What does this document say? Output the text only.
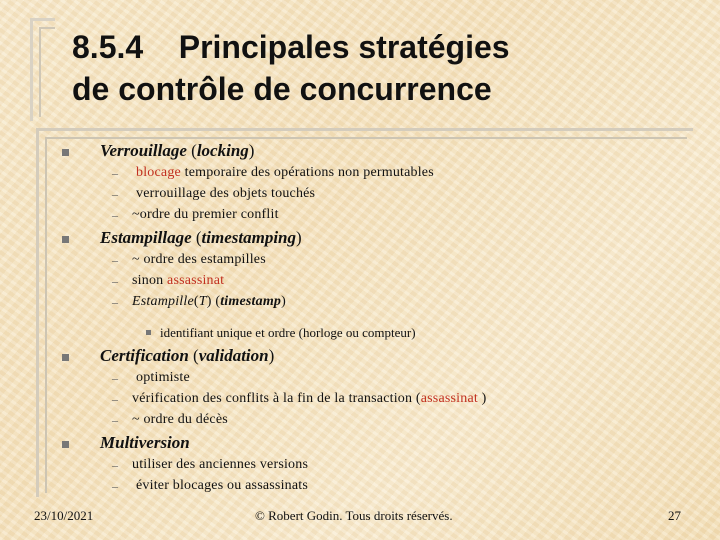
8.5.4    Principales stratégies
de contrôle de concurrence
Verrouillage (locking)
– blocage temporaire des opérations non permutables
– verrouillage des objets touchés
– ~ordre du premier conflit
Estampillage (timestamping)
– ~ ordre des estampilles
– sinon assassinat
– Estampille(T) (timestamp)
identifiant unique et ordre (horloge ou compteur)
Certification (validation)
– optimiste
– vérification des conflits à la fin de la transaction (assassinat )
– ~ ordre du décès
Multiversion
– utiliser des anciennes versions
– éviter blocages ou assassinats
23/10/2021	© Robert Godin. Tous droits réservés.	27
